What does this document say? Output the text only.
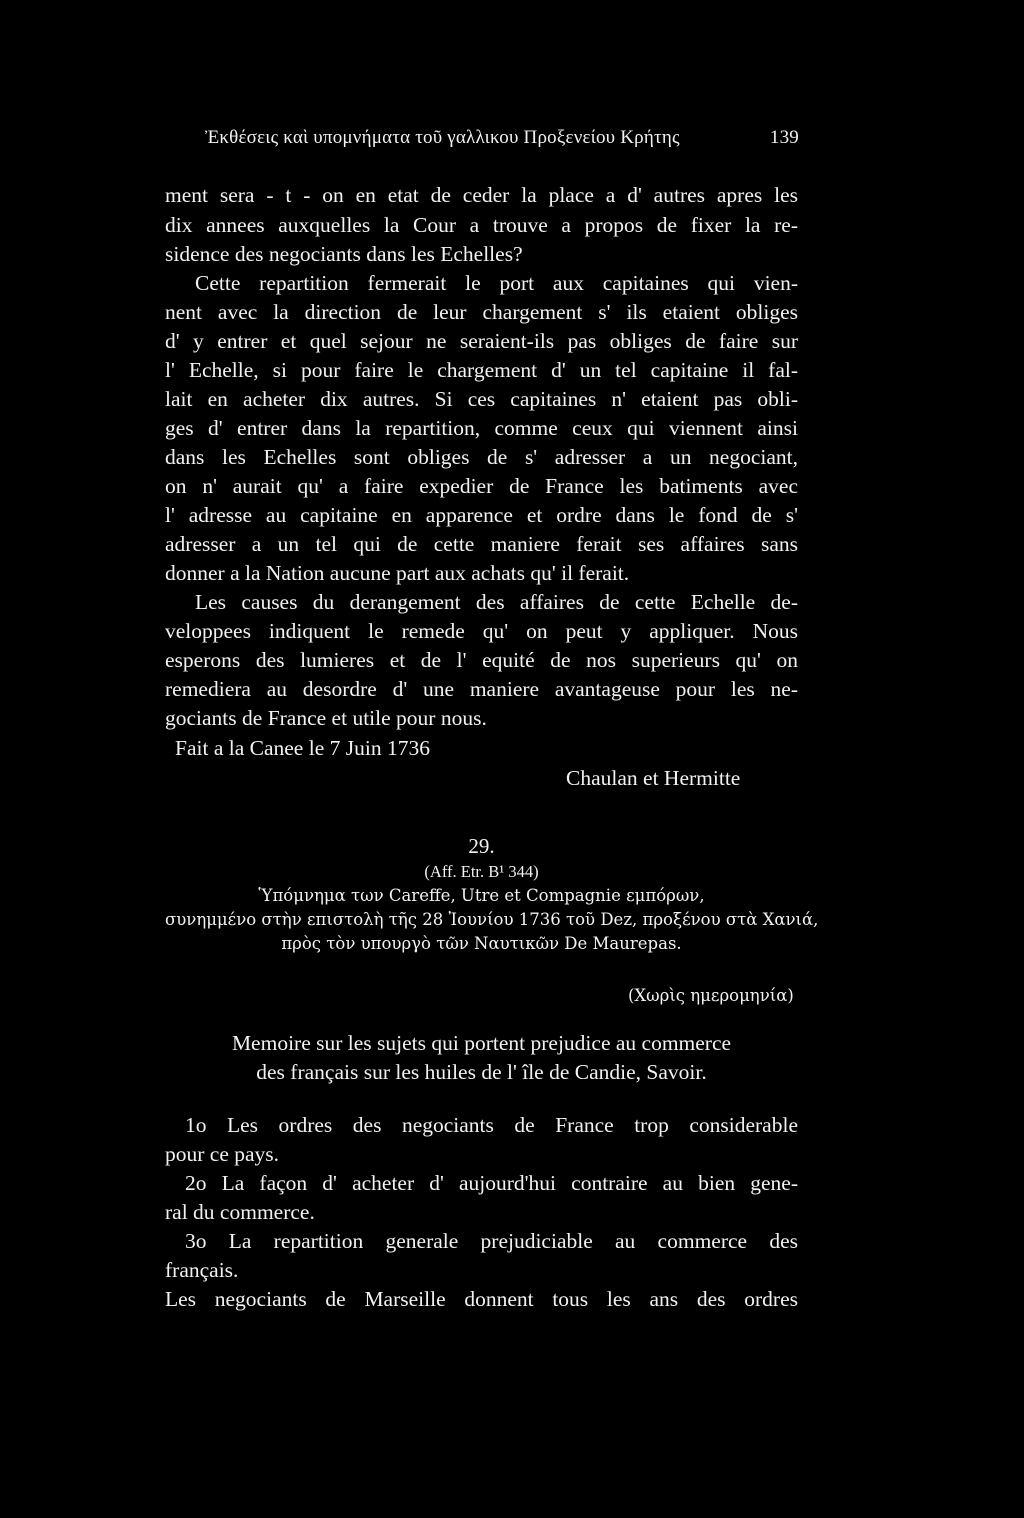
Ἐκθέσεις καὶ υπομνήματα τοῦ γαλλικου Προξενείου Κρήτης	139
ment sera - t - on en etat de ceder la place a d' autres apres les
dix annees auxquelles la Cour a trouve a propos de fixer la re-
sidence des negociants dans les Echelles?
Cette repartition fermerait le port aux capitaines qui vien-
nent avec la direction de leur chargement s' ils etaient obliges
d' y entrer et quel sejour ne seraient-ils pas obliges de faire sur
l' Echelle, si pour faire le chargement d' un tel capitaine il fal-
lait en acheter dix autres. Si ces capitaines n' etaient pas obli-
ges d' entrer dans la repartition, comme ceux qui viennent ainsi
dans les Echelles sont obliges de s' adresser a un negociant,
on n' aurait qu' a faire expedier de France les batiments avec
l' adresse au capitaine en apparence et ordre dans le fond de s'
adresser a un tel qui de cette maniere ferait ses affaires sans
donner a la Nation aucune part aux achats qu' il ferait.
Les causes du derangement des affaires de cette Echelle de-
veloppees indiquent le remede qu' on peut y appliquer. Nous
esperons des lumieres et de l' equité de nos superieurs qu' on
remediera au desordre d' une maniere avantageuse pour les ne-
gociants de France et utile pour nous.
Fait a la Canee le 7 Juin 1736
Chaulan et Hermitte
29.
(Aff. Etr. B¹ 344)
Ὑπόμνημα των Careffe, Utre et Compagnie εμπόρων,
συνημμένο στὴν επιστολὴ τῆς 28 Ἰουνίου 1736 τοῦ Dez, προξένου στὰ Χανιά,
πρὸς τὸν υπουργὸ τῶν Ναυτικῶν De Maurepas.
(Χωρὶς ημερομηνία)
Memoire sur les sujets qui portent prejudice au commerce
des français sur les huiles de l' île de Candie, Savoir.
1o Les ordres des negociants de France trop considerable
pour ce pays.
2o La façon d' acheter d' aujourd'hui contraire au bien gene-
ral du commerce.
3o La repartition generale prejudiciable au commerce des
français.
Les negociants de Marseille donnent tous les ans des ordres
